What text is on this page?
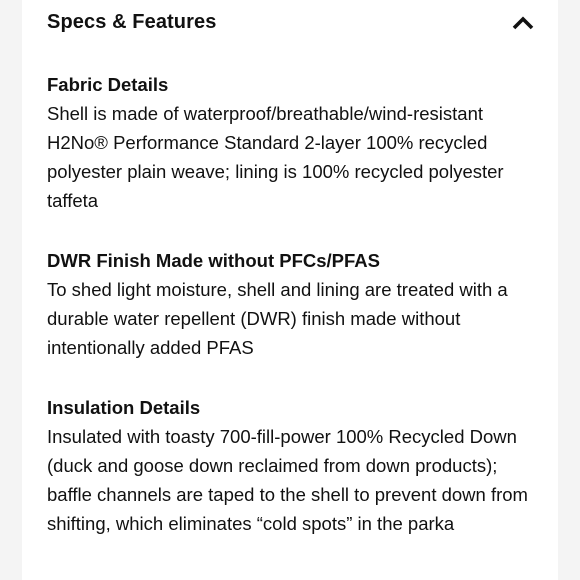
Specs & Features
Fabric Details

Shell is made of waterproof/breathable/wind-resistant H2No® Performance Standard 2-layer 100% recycled polyester plain weave; lining is 100% recycled polyester taffeta

DWR Finish Made without PFCs/PFAS

To shed light moisture, shell and lining are treated with a durable water repellent (DWR) finish made without intentionally added PFAS

Insulation Details

Insulated with toasty 700-fill-power 100% Recycled Down (duck and goose down reclaimed from down products); baffle channels are taped to the shell to prevent down from shifting, which eliminates “cold spots” in the parka
